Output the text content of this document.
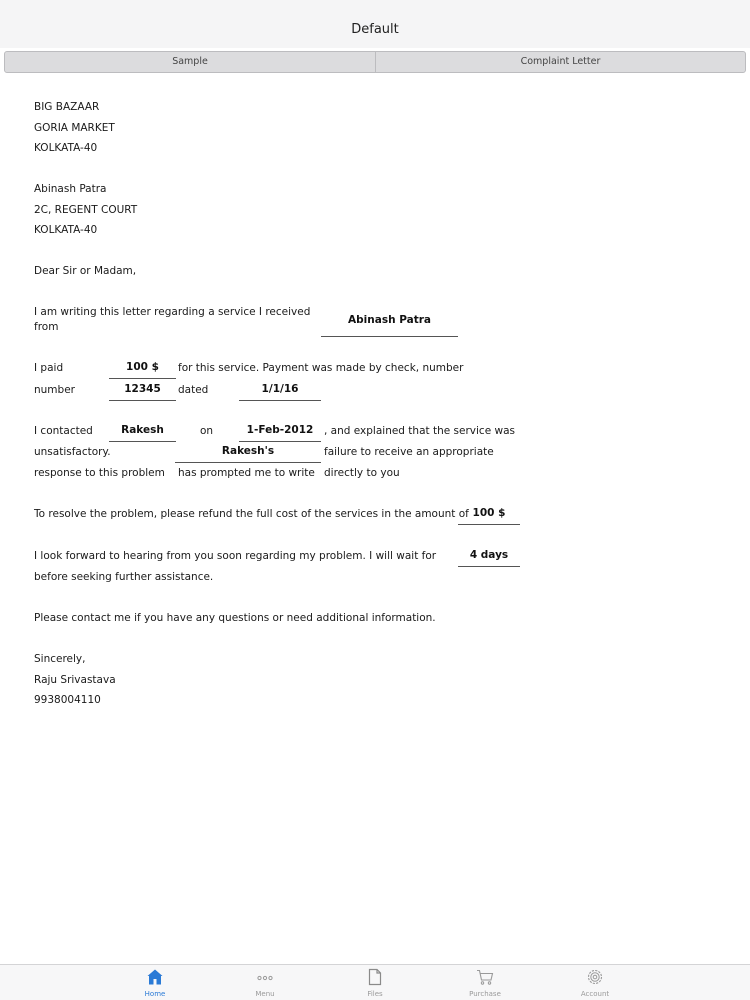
Default
Sample	Complaint Letter
BIG BAZAAR
GORIA MARKET
KOLKATA-40
Abinash Patra
2C, REGENT COURT
KOLKATA-40
Dear Sir or Madam,
I am writing this letter regarding a service I received
from
Abinash Patra
I paid	100 $	for this service. Payment was made by check, number
number	12345	dated	1/1/16
I contacted	Rakesh	on	1-Feb-2012	, and explained that the service was
unsatisfactory.	Rakesh's	failure to receive an appropriate
response to this problem has prompted me to write directly to you
To resolve the problem, please refund the full cost of the services in the amount of 100 $
I look forward to hearing from you soon regarding my problem. I will wait for	4 days
before seeking further assistance.
Please contact me if you have any questions or need additional information.
Sincerely,
Raju Srivastava
9938004110
Home	Menu	Files	Purchase	Account
